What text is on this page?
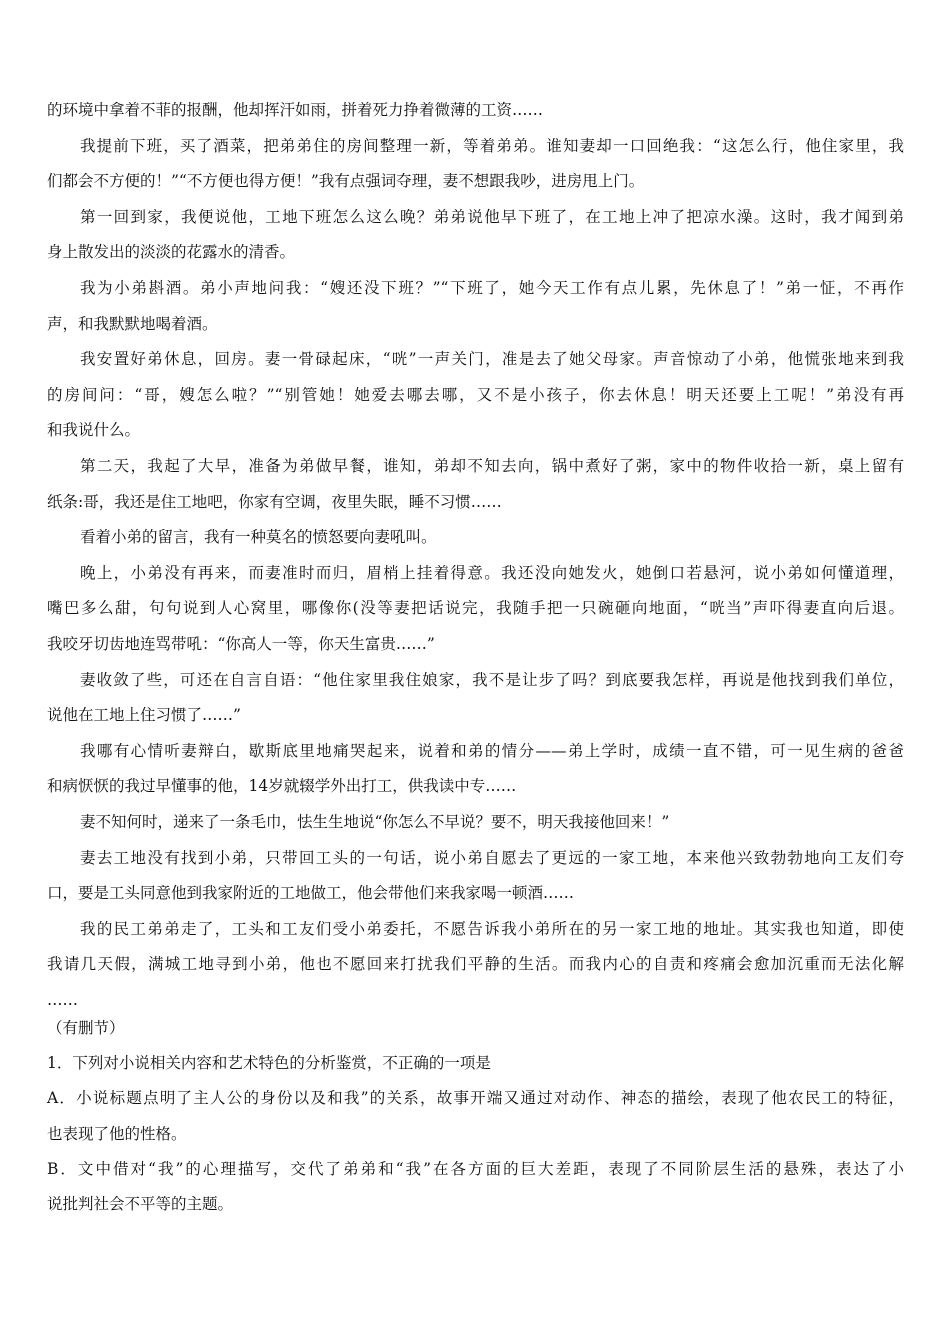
的环境中拿着不菲的报酬，他却挥汗如雨，拼着死力挣着微薄的工资……
我提前下班，买了酒菜，把弟弟住的房间整理一新，等着弟弟。谁知妻却一口回绝我：“这怎么行，他住家里，我
们都会不方便的！”“不方便也得方便！”我有点强词夺理，妻不想跟我吵，进房甩上门。
第一回到家，我便说他，工地下班怎么这么晚？弟弟说他早下班了，在工地上冲了把凉水澡。这时，我才闻到弟
身上散发出的淡淡的花露水的清香。
我为小弟斟酒。弟小声地问我：“嫂还没下班？”“下班了，她今天工作有点儿累，先休息了！”弟一怔，不再作
声，和我默默地喝着酒。
我安置好弟休息，回房。妻一骨碌起床，“咣”一声关门，准是去了她父母家。声音惊动了小弟，他慌张地来到我
的房间问：“哥，嫂怎么啦？”“别管她！她爱去哪去哪，又不是小孩子，你去休息！明天还要上工呢！”弟没有再
和我说什么。
第二天，我起了大早，准备为弟做早餐，谁知，弟却不知去向，锅中煮好了粥，家中的物件收拾一新，桌上留有
纸条:哥，我还是住工地吧，你家有空调，夜里失眠，睡不习惯……
看着小弟的留言，我有一种莫名的愤怒要向妻吼叫。
晚上，小弟没有再来，而妻准时而归，眉梢上挂着得意。我还没向她发火，她倒口若悬河，说小弟如何懂道理，
嘴巴多么甜，句句说到人心窝里，哪像你(没等妻把话说完，我随手把一只碗砸向地面，“咣当”声吓得妻直向后退。
我咬牙切齿地连骂带吼：“你高人一等，你天生富贵……”
妻收敛了些，可还在自言自语：“他住家里我住娘家，我不是让步了吗？到底要我怎样，再说是他找到我们单位，
说他在工地上住习惯了……”
我哪有心情听妻辩白，歇斯底里地痛哭起来，说着和弟的情分——弟上学时，成绩一直不错，可一见生病的爸爸
和病恹恹的我过早懂事的他，14岁就辍学外出打工，供我读中专……
妻不知何时，递来了一条毛巾，怯生生地说“你怎么不早说？要不，明天我接他回来！”
妻去工地没有找到小弟，只带回工头的一句话，说小弟自愿去了更远的一家工地，本来他兴致勃勃地向工友们夸
口，要是工头同意他到我家附近的工地做工，他会带他们来我家喝一顿酒……
我的民工弟弟走了，工头和工友们受小弟委托，不愿告诉我小弟所在的另一家工地的地址。其实我也知道，即使
我请几天假，满城工地寻到小弟，他也不愿回来打扰我们平静的生活。而我内心的自责和疼痛会愈加沉重而无法化解
……
（有删节）
1．下列对小说相关内容和艺术特色的分析鉴赏，不正确的一项是
A．小说标题点明了主人公的身份以及和我”的关系，故事开端又通过对动作、神态的描绘，表现了他农民工的特征，
也表现了他的性格。
B．文中借对“我”的心理描写，交代了弟弟和“我”在各方面的巨大差距，表现了不同阶层生活的悬殊，表达了小
说批判社会不平等的主题。
